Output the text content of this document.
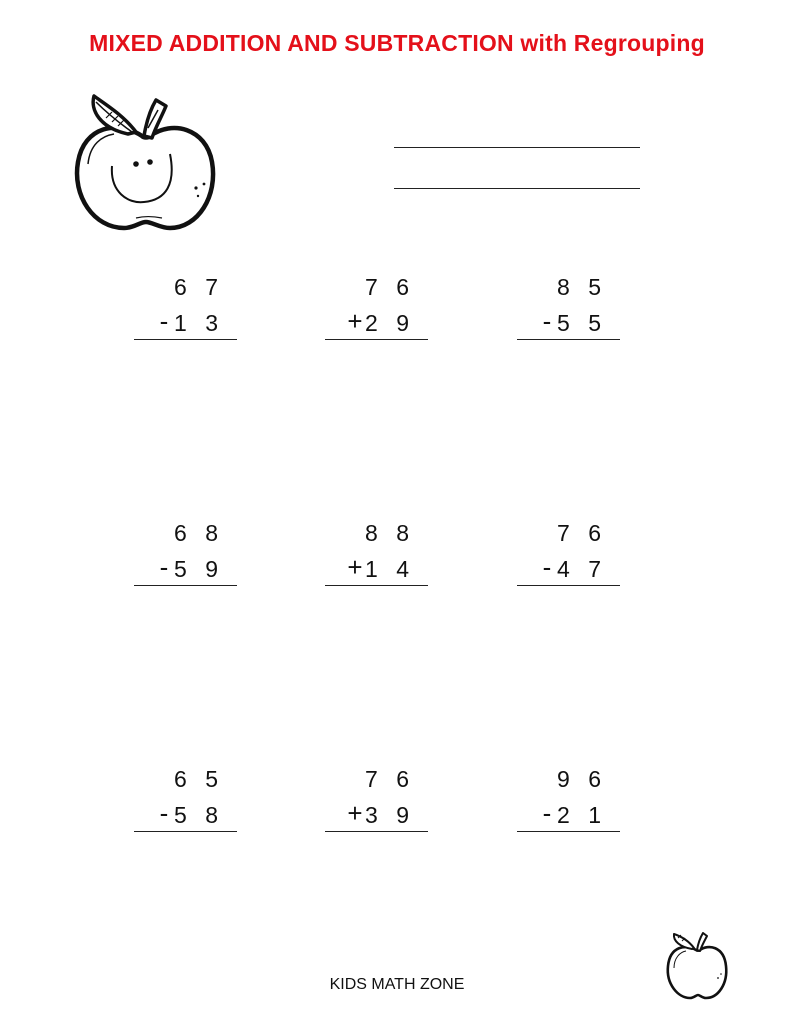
MIXED ADDITION AND SUBTRACTION with Regrouping
6 7
- 1 3
7 6
+ 2 9
8 5
- 5 5
6 8
- 5 9
8 8
+ 1 4
7 6
- 4 7
6 5
- 5 8
7 6
+ 3 9
9 6
- 2 1
KIDS MATH ZONE
